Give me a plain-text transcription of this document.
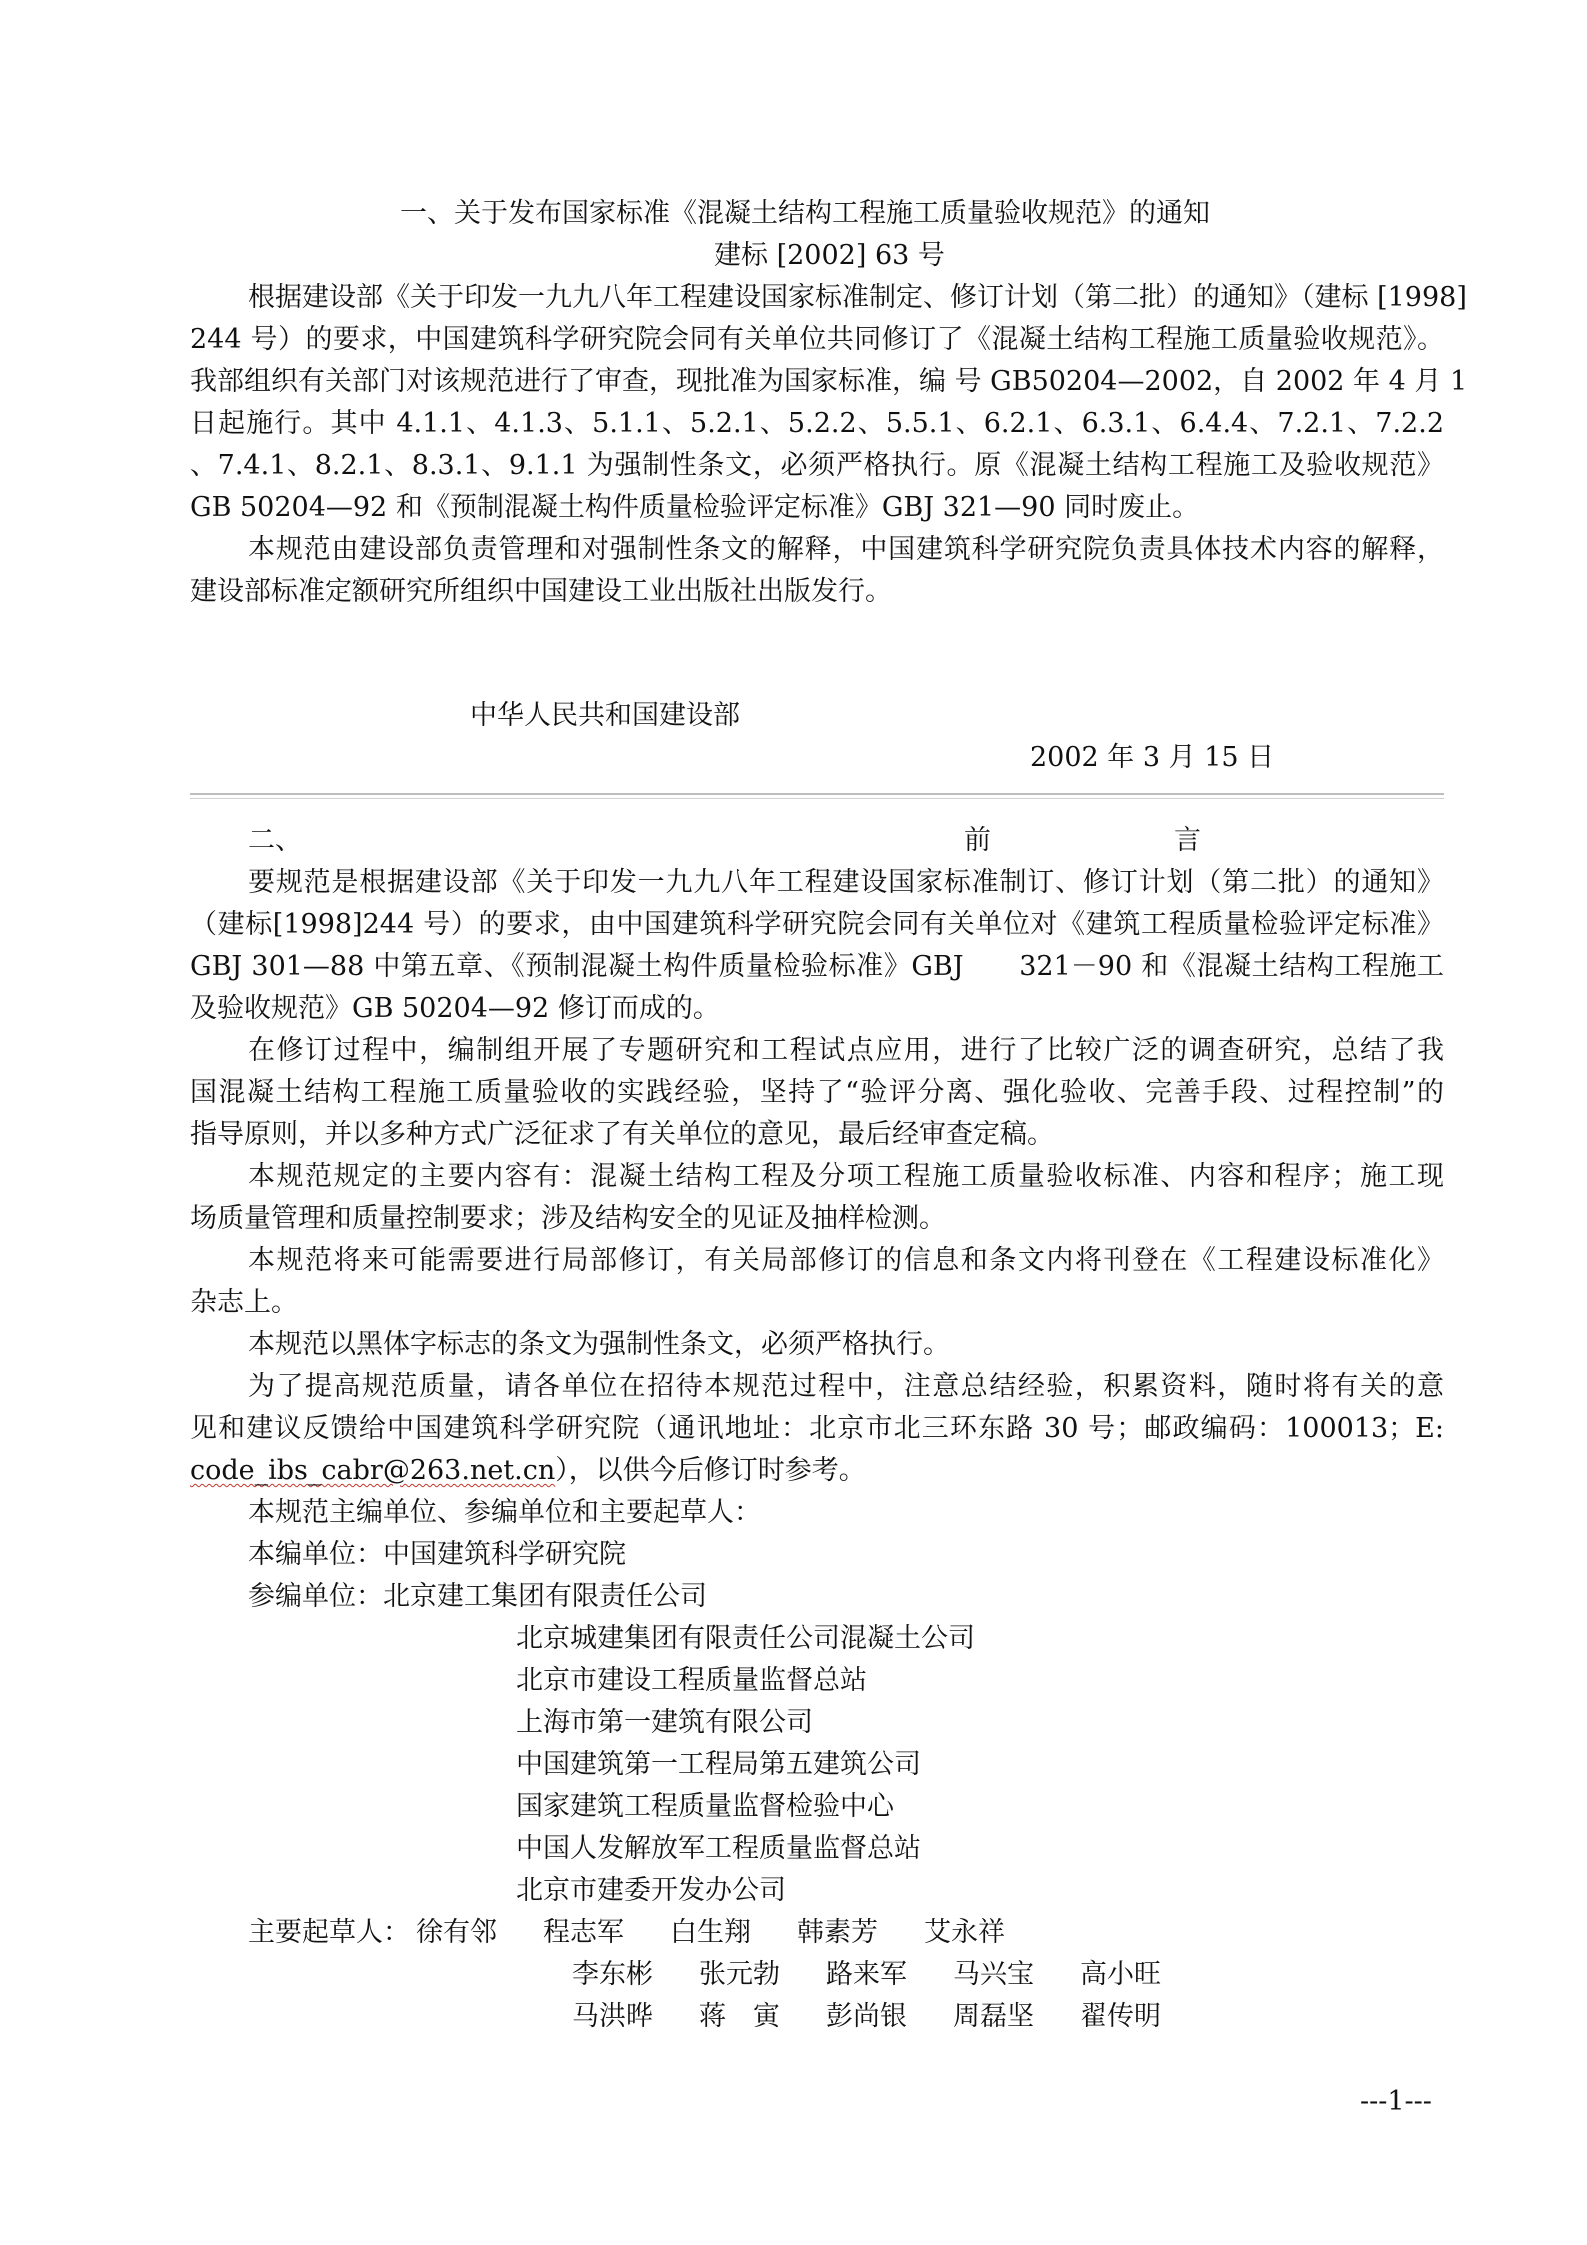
一、关于发布国家标准《混凝土结构工程施工质量验收规范》的通知
建标 [2002] 63 号
根据建设部《关于印发一九九八年工程建设国家标准制定、修订计划（第二批）的通知》（建标 [1998]
244 号）的要求，中国建筑科学研究院会同有关单位共同修订了《混凝土结构工程施工质量验收规范》。
我部组织有关部门对该规范进行了审查，现批准为国家标准，编 号 GB50204—2002，自 2002 年 4 月 1
日起施行。其中 4.1.1、4.1.3、5.1.1、5.2.1、5.2.2、5.5.1、6.2.1、6.3.1、6.4.4、7.2.1、7.2.2
、7.4.1、8.2.1、8.3.1、9.1.1 为强制性条文，必须严格执行。原《混凝土结构工程施工及验收规范》
GB 50204—92 和《预制混凝土构件质量检验评定标准》GBJ 321—90 同时废止。
本规范由建设部负责管理和对强制性条文的解释，中国建筑科学研究院负责具体技术内容的解释，
建设部标准定额研究所组织中国建设工业出版社出版发行。
中华人民共和国建设部
2002 年 3 月 15 日
二、	前	言
要规范是根据建设部《关于印发一九九八年工程建设国家标准制订、修订计划（第二批）的通知》
（建标[1998]244 号）的要求，由中国建筑科学研究院会同有关单位对《建筑工程质量检验评定标准》
GBJ 301—88 中第五章、《预制混凝土构件质量检验标准》GBJ　　321－90 和《混凝土结构工程施工
及验收规范》GB 50204—92 修订而成的。
在修订过程中，编制组开展了专题研究和工程试点应用，进行了比较广泛的调查研究，总结了我
国混凝土结构工程施工质量验收的实践经验，坚持了“验评分离、强化验收、完善手段、过程控制”的
指导原则，并以多种方式广泛征求了有关单位的意见，最后经审查定稿。
本规范规定的主要内容有：混凝土结构工程及分项工程施工质量验收标准、内容和程序；施工现
场质量管理和质量控制要求；涉及结构安全的见证及抽样检测。
本规范将来可能需要进行局部修订，有关局部修订的信息和条文内将刊登在《工程建设标准化》
杂志上。
本规范以黑体字标志的条文为强制性条文，必须严格执行。
为了提高规范质量，请各单位在招待本规范过程中，注意总结经验，积累资料，随时将有关的意
见和建议反馈给中国建筑科学研究院（通讯地址：北京市北三环东路 30 号；邮政编码：100013；E:
code_ibs_cabr@263.net.cn），以供今后修订时参考。
本规范主编单位、参编单位和主要起草人：
本编单位：中国建筑科学研究院
参编单位：北京建工集团有限责任公司
北京城建集团有限责任公司混凝土公司
北京市建设工程质量监督总站
上海市第一建筑有限公司
中国建筑第一工程局第五建筑公司
国家建筑工程质量监督检验中心
中国人发解放军工程质量监督总站
北京市建委开发办公司
主要起草人： 徐有邻 程志军 白生翔 韩素芳 艾永祥
李东彬 张元勃 路来军 马兴宝 高小旺
马洪晔 蒋　寅 彭尚银 周磊坚 翟传明
---1---
